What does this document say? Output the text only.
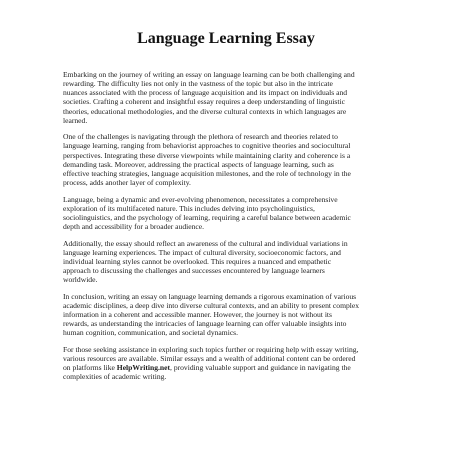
Language Learning Essay

Embarking on the journey of writing an essay on language learning can be both challenging and
rewarding. The difficulty lies not only in the vastness of the topic but also in the intricate
nuances associated with the process of language acquisition and its impact on individuals and
societies. Crafting a coherent and insightful essay requires a deep understanding of linguistic
theories, educational methodologies, and the diverse cultural contexts in which languages are
learned.

One of the challenges is navigating through the plethora of research and theories related to
language learning, ranging from behaviorist approaches to cognitive theories and sociocultural
perspectives. Integrating these diverse viewpoints while maintaining clarity and coherence is a
demanding task. Moreover, addressing the practical aspects of language learning, such as
effective teaching strategies, language acquisition milestones, and the role of technology in the
process, adds another layer of complexity.

Language, being a dynamic and ever-evolving phenomenon, necessitates a comprehensive
exploration of its multifaceted nature. This includes delving into psycholinguistics,
sociolinguistics, and the psychology of learning, requiring a careful balance between academic
depth and accessibility for a broader audience.

Additionally, the essay should reflect an awareness of the cultural and individual variations in
language learning experiences. The impact of cultural diversity, socioeconomic factors, and
individual learning styles cannot be overlooked. This requires a nuanced and empathetic
approach to discussing the challenges and successes encountered by language learners
worldwide.

In conclusion, writing an essay on language learning demands a rigorous examination of various
academic disciplines, a deep dive into diverse cultural contexts, and an ability to present complex
information in a coherent and accessible manner. However, the journey is not without its
rewards, as understanding the intricacies of language learning can offer valuable insights into
human cognition, communication, and societal dynamics.

For those seeking assistance in exploring such topics further or requiring help with essay writing,
various resources are available. Similar essays and a wealth of additional content can be ordered
on platforms like HelpWriting.net, providing valuable support and guidance in navigating the
complexities of academic writing.
